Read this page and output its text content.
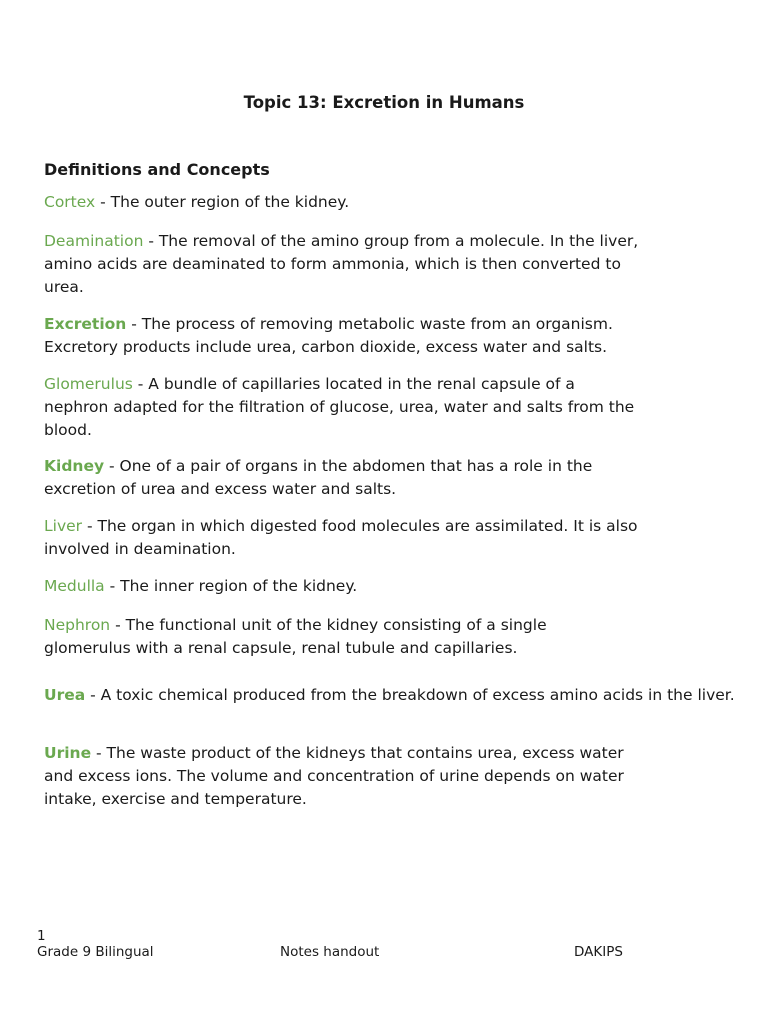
Topic 13: Excretion in Humans
Definitions and Concepts

Cortex - The outer region of the kidney.

Deamination - The removal of the amino group from a molecule. In the liver, amino acids are deaminated to form ammonia, which is then converted to urea.

Excretion - The process of removing metabolic waste from an organism. Excretory products include urea, carbon dioxide, excess water and salts.

Glomerulus - A bundle of capillaries located in the renal capsule of a nephron adapted for the filtration of glucose, urea, water and salts from the blood.

Kidney - One of a pair of organs in the abdomen that has a role in the excretion of urea and excess water and salts.

Liver - The organ in which digested food molecules are assimilated. It is also involved in deamination.

Medulla - The inner region of the kidney.

Nephron - The functional unit of the kidney consisting of a single glomerulus with a renal capsule, renal tubule and capillaries.

Urea - A toxic chemical produced from the breakdown of excess amino acids in the liver.

Urine - The waste product of the kidneys that contains urea, excess water and excess ions. The volume and concentration of urine depends on water intake, exercise and temperature.

1
Grade 9 Bilingual	Notes handout	DAKIPS
